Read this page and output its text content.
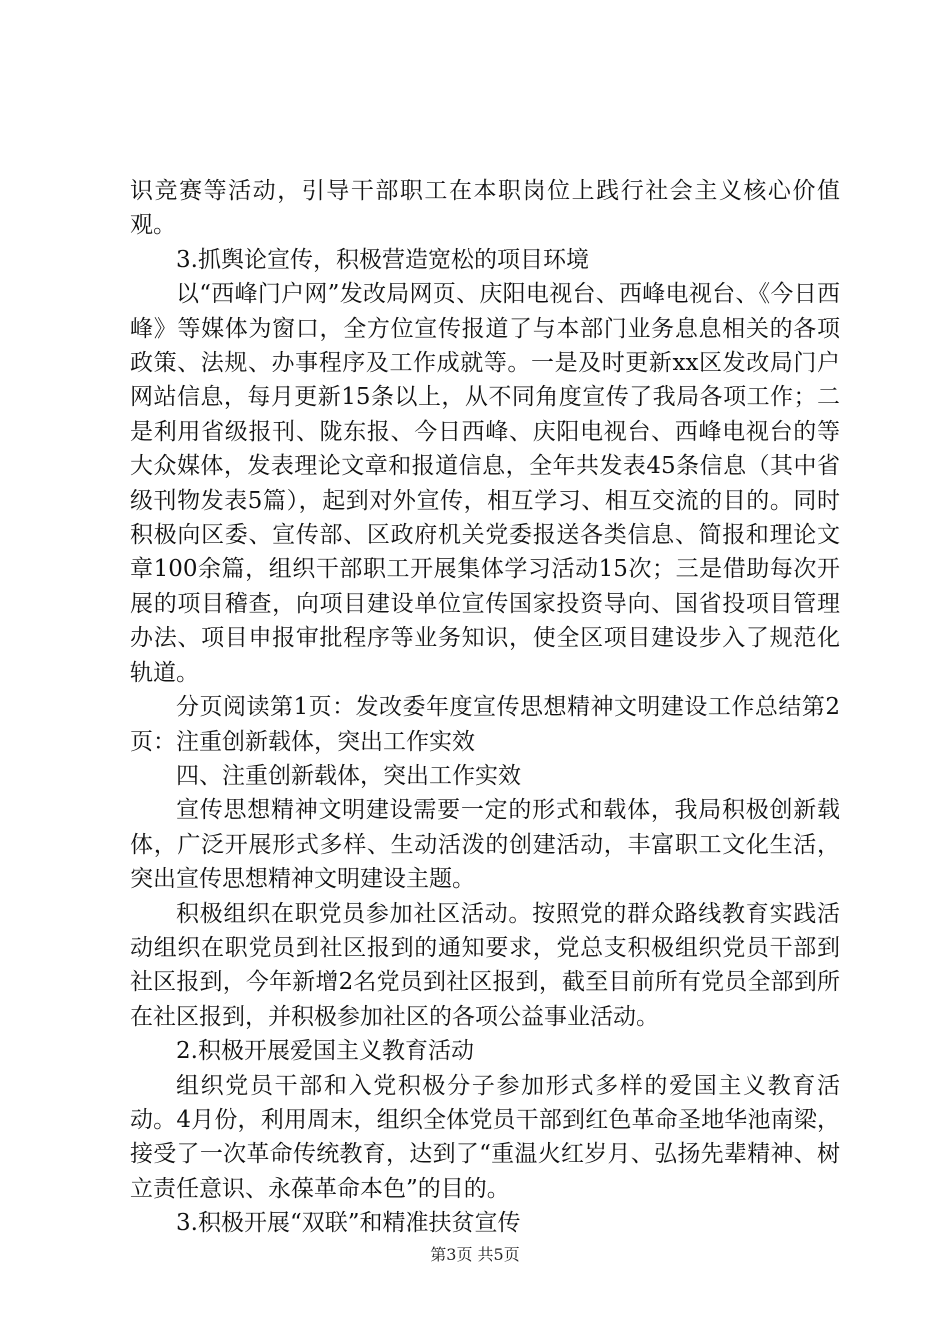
识竞赛等活动，引导干部职工在本职岗位上践行社会主义核心价值观。

3.抓舆论宣传，积极营造宽松的项目环境

以“西峰门户网”发改局网页、庆阳电视台、西峰电视台、《今日西峰》等媒体为窗口，全方位宣传报道了与本部门业务息息相关的各项政策、法规、办事程序及工作成就等。一是及时更新xx区发改局门户网站信息，每月更新15条以上，从不同角度宣传了我局各项工作；二是利用省级报刊、陇东报、今日西峰、庆阳电视台、西峰电视台的等大众媒体，发表理论文章和报道信息，全年共发表45条信息（其中省级刊物发表5篇），起到对外宣传，相互学习、相互交流的目的。同时积极向区委、宣传部、区政府机关党委报送各类信息、简报和理论文章100余篇，组织干部职工开展集体学习活动15次；三是借助每次开展的项目稽查，向项目建设单位宣传国家投资导向、国省投项目管理办法、项目申报审批程序等业务知识，使全区项目建设步入了规范化轨道。

分页阅读第1页：发改委年度宣传思想精神文明建设工作总结第2页：注重创新载体，突出工作实效

四、注重创新载体，突出工作实效

宣传思想精神文明建设需要一定的形式和载体，我局积极创新载体，广泛开展形式多样、生动活泼的创建活动，丰富职工文化生活，突出宣传思想精神文明建设主题。

积极组织在职党员参加社区活动。按照党的群众路线教育实践活动组织在职党员到社区报到的通知要求，党总支积极组织党员干部到社区报到，今年新增2名党员到社区报到，截至目前所有党员全部到所在社区报到，并积极参加社区的各项公益事业活动。

2.积极开展爱国主义教育活动

组织党员干部和入党积极分子参加形式多样的爱国主义教育活动。4月份，利用周末，组织全体党员干部到红色革命圣地华池南梁，接受了一次革命传统教育，达到了“重温火红岁月、弘扬先辈精神、树立责任意识、永葆革命本色”的目的。

3.积极开展“双联”和精准扶贫宣传

第3页 共5页
